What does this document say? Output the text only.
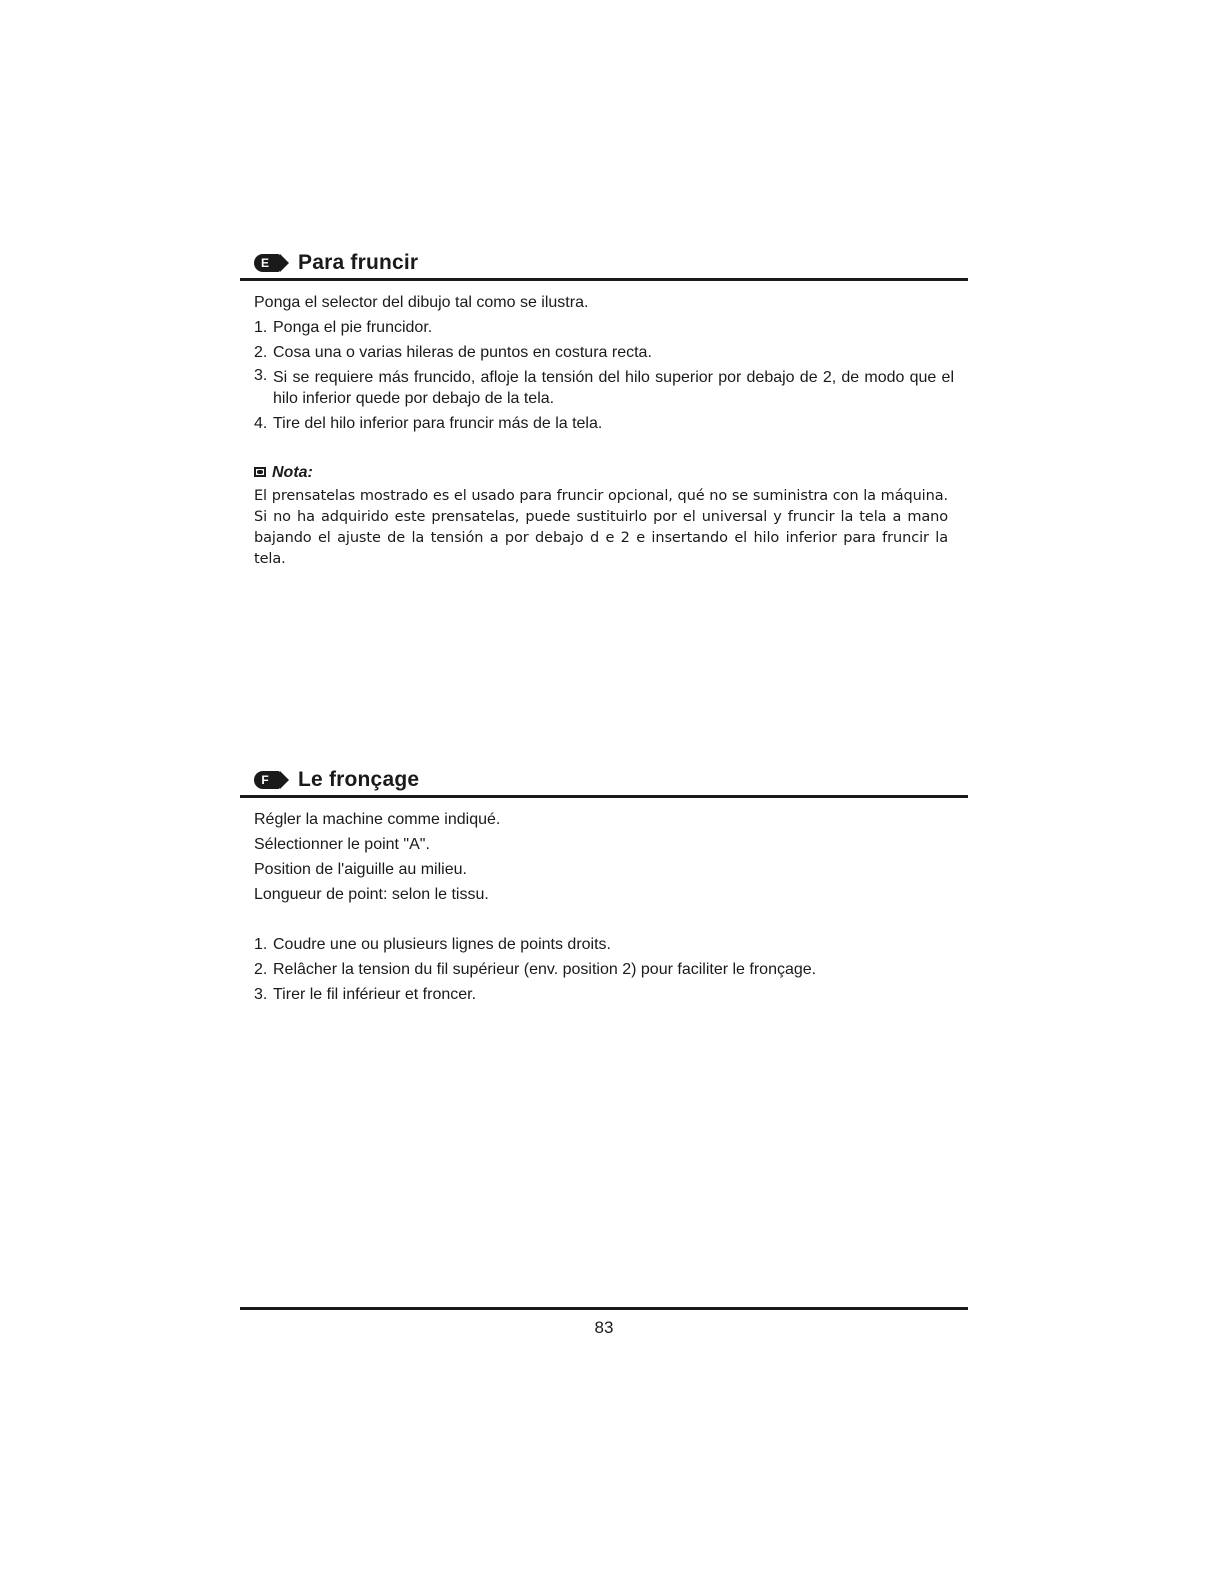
E	Para fruncir

Ponga el selector del dibujo tal como se ilustra.

1. Ponga el pie fruncidor.
2. Cosa una o varias hileras de puntos en costura recta.
3. Si se requiere más fruncido, afloje la tensión del hilo superior por debajo de 2, de modo que el hilo inferior quede por debajo de la tela.
4. Tire del hilo inferior para fruncir más de la tela.
Nota:

El prensatelas mostrado es el usado para fruncir opcional, qué no se suministra con la máquina. Si no ha adquirido este prensatelas, puede sustituirlo por el universal y fruncir la tela a mano bajando el ajuste de la tensión a por debajo d e 2 e insertando el hilo inferior para fruncir la tela.

F	Le fronçage

Régler la machine comme indiqué.

Sélectionner le point "A".

Position de l'aiguille au milieu.

Longueur de point: selon le tissu.

1. Coudre une ou plusieurs lignes de points droits.
2. Relâcher la tension du fil supérieur (env. position 2) pour faciliter le fronçage.
3. Tirer le fil inférieur et froncer.
83
